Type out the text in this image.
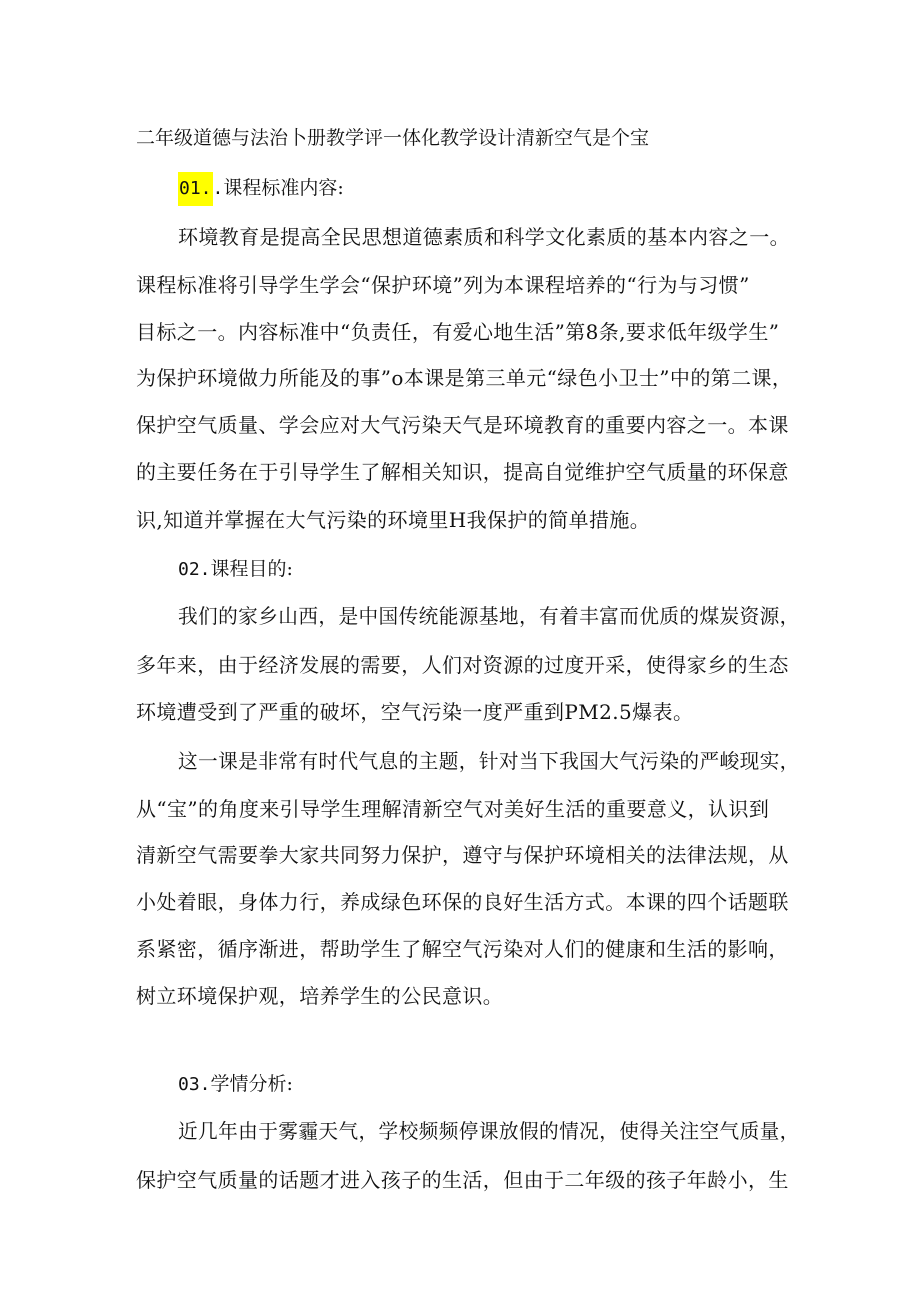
二年级道德与法治卜册教学评一体化教学设计清新空气是个宝
01..课程标准内容:
环境教育是提高全民思想道德素质和科学文化素质的基本内容之一。
课程标准将引导学生学会“保护环境”列为本课程培养的“行为与习惯”
目标之一。内容标准中“负责任，有爱心地生活”第8条,要求低年级学生”
为保护环境做力所能及的事”o本课是第三单元“绿色小卫士”中的第二课，
保护空气质量、学会应对大气污染天气是环境教育的重要内容之一。本课
的主要任务在于引导学生了解相关知识，提高自觉维护空气质量的环保意
识,知道并掌握在大气污染的环境里H我保护的简单措施。
02.课程目的:
我们的家乡山西，是中国传统能源基地，有着丰富而优质的煤炭资源，
多年来，由于经济发展的需要，人们对资源的过度开采，使得家乡的生态
环境遭受到了严重的破坏，空气污染一度严重到PM2.5爆表。
这一课是非常有时代气息的主题，针对当下我国大气污染的严峻现实，
从“宝”的角度来引导学生理解清新空气对美好生活的重要意义，认识到
清新空气需要拳大家共同努力保护，遵守与保护环境相关的法律法规，从
小处着眼，身体力行，养成绿色环保的良好生活方式。本课的四个话题联
系紧密，循序渐进，帮助学生了解空气污染对人们的健康和生活的影响，
树立环境保护观，培养学生的公民意识。
03.学情分析:
近几年由于雾霾天气，学校频频停课放假的情况，使得关注空气质量，
保护空气质量的话题才进入孩子的生活，但由于二年级的孩子年龄小，生
